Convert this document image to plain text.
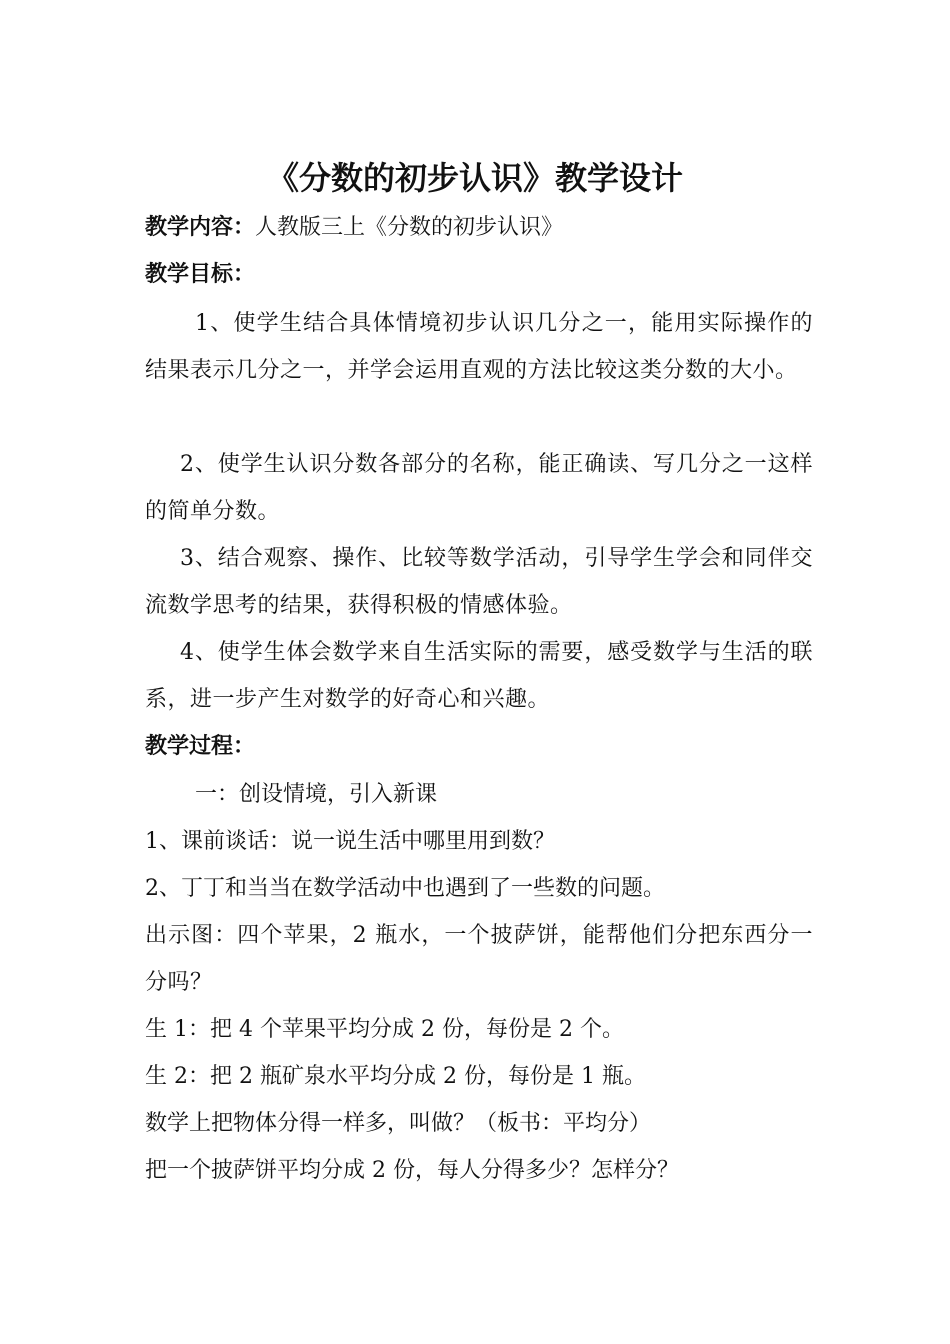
《分数的初步认识》教学设计
教学内容：人教版三上《分数的初步认识》
教学目标：
1、使学生结合具体情境初步认识几分之一，能用实际操作的结果表示几分之一，并学会运用直观的方法比较这类分数的大小。
2、使学生认识分数各部分的名称，能正确读、写几分之一这样的简单分数。
3、结合观察、操作、比较等数学活动，引导学生学会和同伴交流数学思考的结果，获得积极的情感体验。
4、使学生体会数学来自生活实际的需要，感受数学与生活的联系，进一步产生对数学的好奇心和兴趣。
教学过程：
一：创设情境，引入新课
1、课前谈话：说一说生活中哪里用到数？
2、丁丁和当当在数学活动中也遇到了一些数的问题。
出示图：四个苹果，2 瓶水，一个披萨饼，能帮他们分把东西分一分吗？
生 1：把 4 个苹果平均分成 2 份，每份是 2 个。
生 2：把 2 瓶矿泉水平均分成 2 份，每份是 1 瓶。
数学上把物体分得一样多，叫做？（板书：平均分）
把一个披萨饼平均分成 2 份，每人分得多少？怎样分？
